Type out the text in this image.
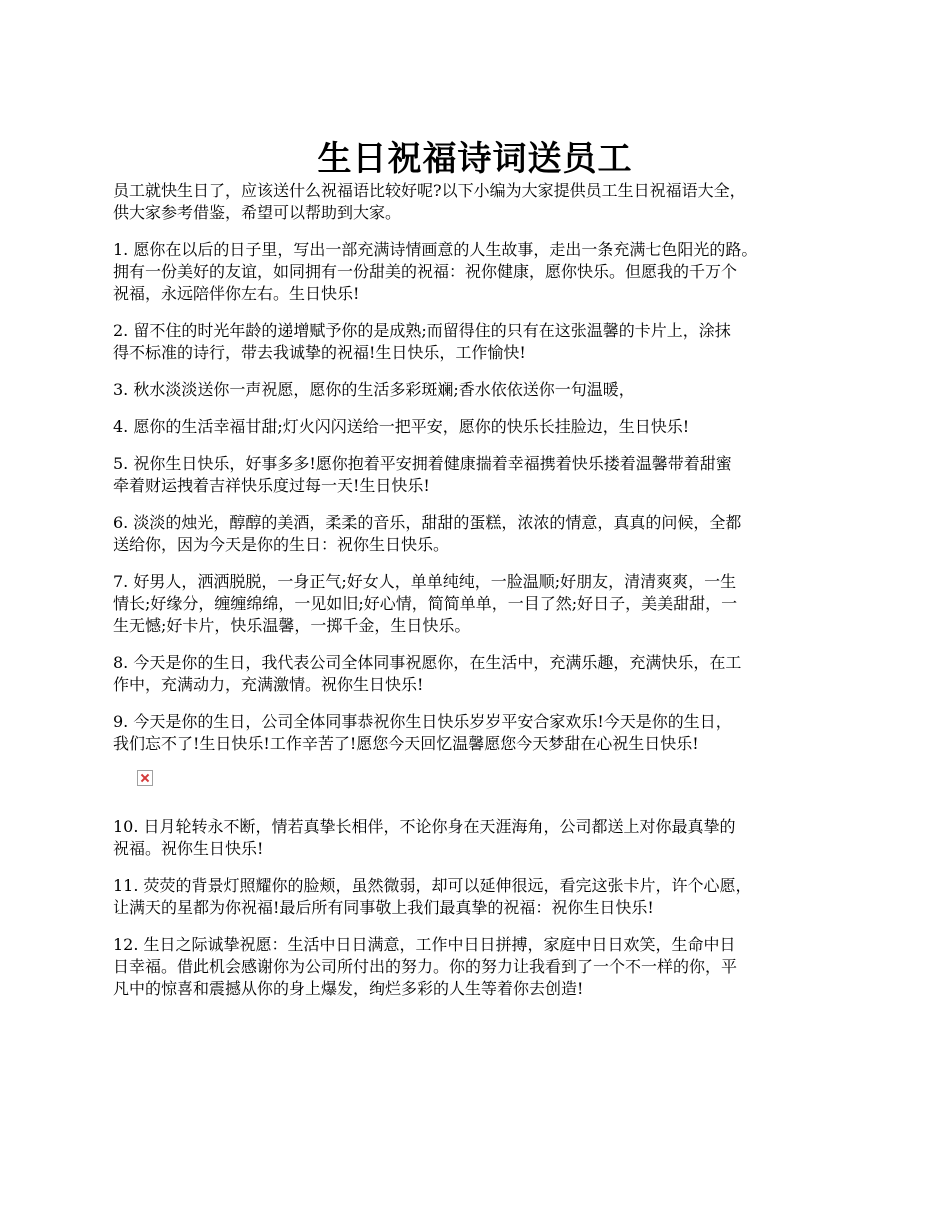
生日祝福诗词送员工

员工就快生日了，应该送什么祝福语比较好呢?以下小编为大家提供员工生日祝福语大全，
供大家参考借鉴，希望可以帮助到大家。

1. 愿你在以后的日子里，写出一部充满诗情画意的人生故事，走出一条充满七色阳光的路。
拥有一份美好的友谊，如同拥有一份甜美的祝福：祝你健康，愿你快乐。但愿我的千万个
祝福，永远陪伴你左右。生日快乐!

2. 留不住的时光年龄的递增赋予你的是成熟;而留得住的只有在这张温馨的卡片上，涂抹
得不标准的诗行，带去我诚挚的祝福!生日快乐，工作愉快!

3. 秋水淡淡送你一声祝愿，愿你的生活多彩斑斓;香水依依送你一句温暖，

4. 愿你的生活幸福甘甜;灯火闪闪送给一把平安，愿你的快乐长挂脸边，生日快乐!

5. 祝你生日快乐，好事多多!愿你抱着平安拥着健康揣着幸福携着快乐搂着温馨带着甜蜜
牵着财运拽着吉祥快乐度过每一天!生日快乐!

6. 淡淡的烛光，醇醇的美酒，柔柔的音乐，甜甜的蛋糕，浓浓的情意，真真的问候，全都
送给你，因为今天是你的生日：祝你生日快乐。

7. 好男人，洒洒脱脱，一身正气;好女人，单单纯纯，一脸温顺;好朋友，清清爽爽，一生
情长;好缘分，缠缠绵绵，一见如旧;好心情，简简单单，一目了然;好日子，美美甜甜，一
生无憾;好卡片，快乐温馨，一掷千金，生日快乐。

8. 今天是你的生日，我代表公司全体同事祝愿你，在生活中，充满乐趣，充满快乐，在工
作中，充满动力，充满激情。祝你生日快乐!

9. 今天是你的生日，公司全体同事恭祝你生日快乐岁岁平安合家欢乐!今天是你的生日，
我们忘不了!生日快乐!工作辛苦了!愿您今天回忆温馨愿您今天梦甜在心祝生日快乐!

10. 日月轮转永不断，情若真挚长相伴，不论你身在天涯海角，公司都送上对你最真挚的
祝福。祝你生日快乐!

11. 荧荧的背景灯照耀你的脸颊，虽然微弱，却可以延伸很远，看完这张卡片，许个心愿，
让满天的星都为你祝福!最后所有同事敬上我们最真挚的祝福：祝你生日快乐!

12. 生日之际诚挚祝愿：生活中日日满意，工作中日日拼搏，家庭中日日欢笑，生命中日
日幸福。借此机会感谢你为公司所付出的努力。你的努力让我看到了一个不一样的你，平
凡中的惊喜和震撼从你的身上爆发，绚烂多彩的人生等着你去创造!
